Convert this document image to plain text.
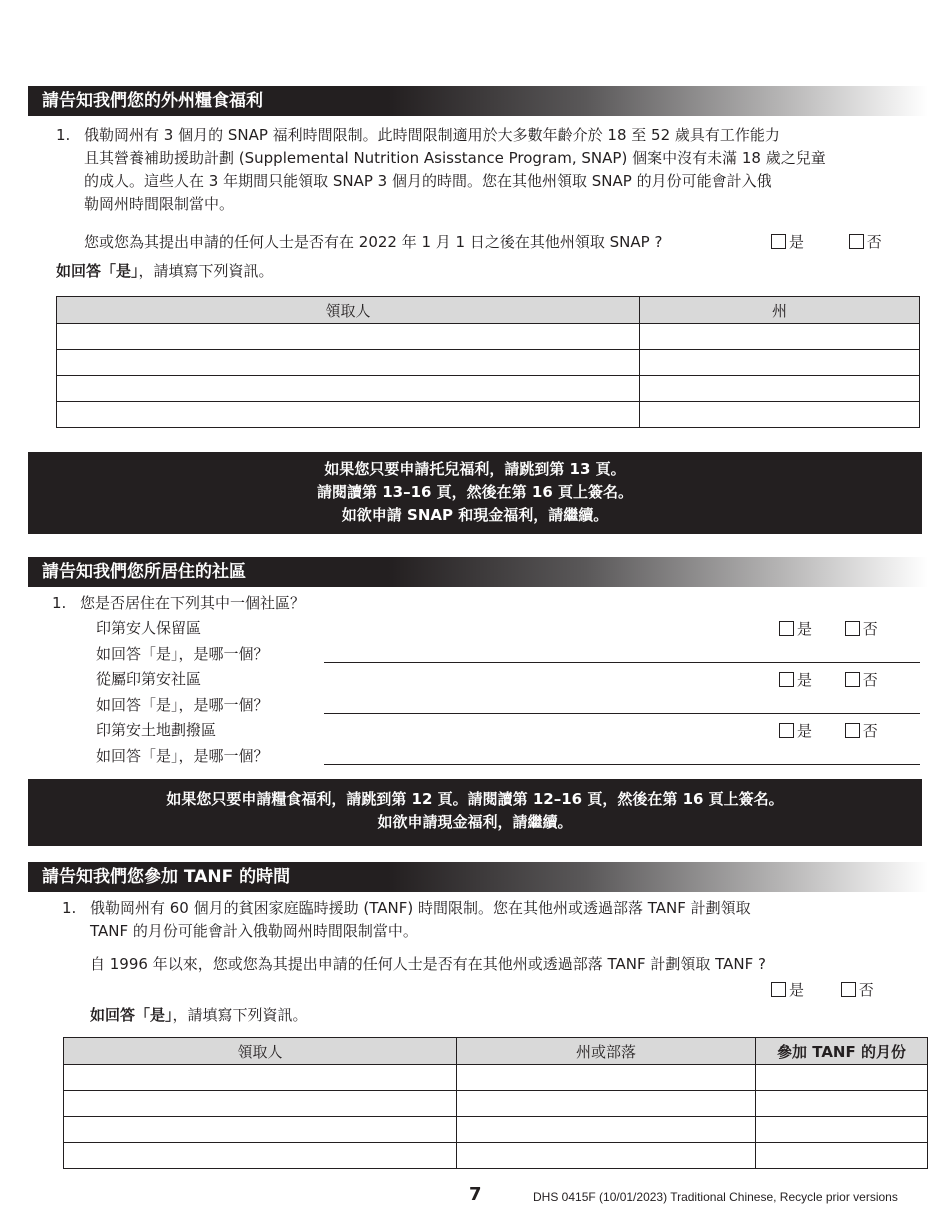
請告知我們您的外州糧食福利
1. 俄勒岡州有 3 個月的 SNAP 福利時間限制。此時間限制適用於大多數年齡介於 18 至 52 歲具有工作能力
且其營養補助援助計劃 (Supplemental Nutrition Asisstance Program, SNAP) 個案中沒有未滿 18 歲之兒童
的成人。這些人在 3 年期間只能領取 SNAP 3 個月的時間。您在其他州領取 SNAP 的月份可能會計入俄
勒岡州時間限制當中。
您或您為其提出申請的任何人士是否有在 2022 年 1 月 1 日之後在其他州領取 SNAP ?	是	否
如回答「是」，請填寫下列資訊。
領取人	州

如果您只要申請托兒福利，請跳到第 13 頁。
請閱讀第 13–16 頁，然後在第 16 頁上簽名。
如欲申請 SNAP 和現金福利，請繼續。
請告知我們您所居住的社區
1. 您是否居住在下列其中一個社區？
印第安人保留區	是	否
如回答「是」，是哪一個？
從屬印第安社區	是	否
如回答「是」，是哪一個？
印第安土地劃撥區	是	否
如回答「是」，是哪一個？
如果您只要申請糧食福利，請跳到第 12 頁。請閱讀第 12–16 頁，然後在第 16 頁上簽名。
如欲申請現金福利，請繼續。
請告知我們您參加 TANF 的時間
1. 俄勒岡州有 60 個月的貧困家庭臨時援助 (TANF) 時間限制。您在其他州或透過部落 TANF 計劃領取
TANF 的月份可能會計入俄勒岡州時間限制當中。
自 1996 年以來，您或您為其提出申請的任何人士是否有在其他州或透過部落 TANF 計劃領取 TANF ?
是	否
如回答「是」，請填寫下列資訊。
領取人	州或部落	參加 TANF 的月份

7	DHS 0415F (10/01/2023) Traditional Chinese, Recycle prior versions
